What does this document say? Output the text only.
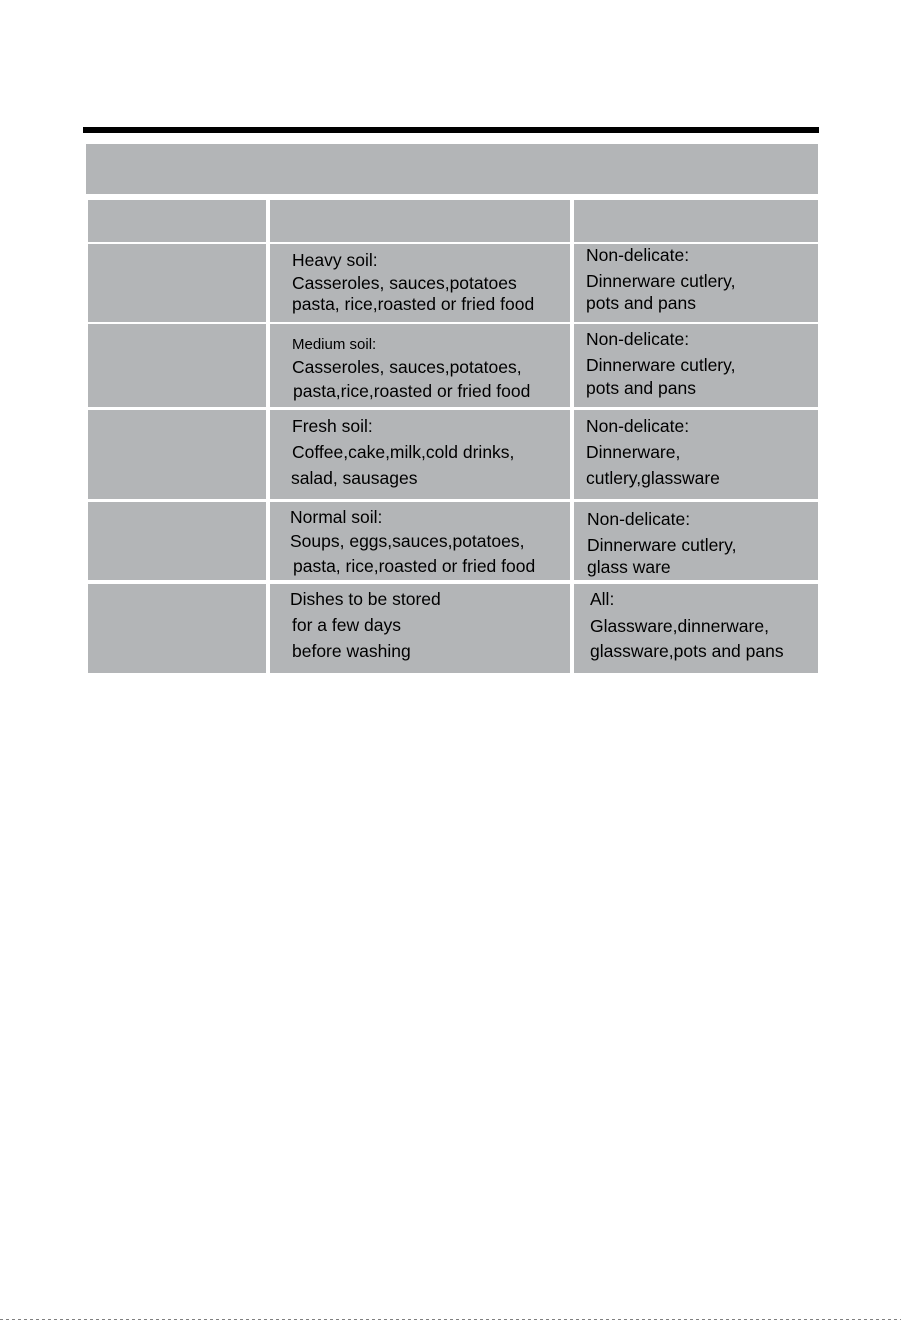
Heavy soil:
Casseroles, sauces,potatoes
pasta, rice,roasted or fried food
Non-delicate:
Dinnerware cutlery,
pots and pans
Medium soil:
Casseroles, sauces,potatoes,
pasta,rice,roasted or fried food
Non-delicate:
Dinnerware cutlery,
pots and pans
Fresh soil:
Coffee,cake,milk,cold drinks,
salad, sausages
Non-delicate:
Dinnerware,
cutlery,glassware
Normal soil:
Soups, eggs,sauces,potatoes,
pasta, rice,roasted or fried food
Non-delicate:
Dinnerware cutlery,
glass ware
Dishes to be stored
for a few days
before washing
All:
Glassware,dinnerware,
glassware,pots and pans
